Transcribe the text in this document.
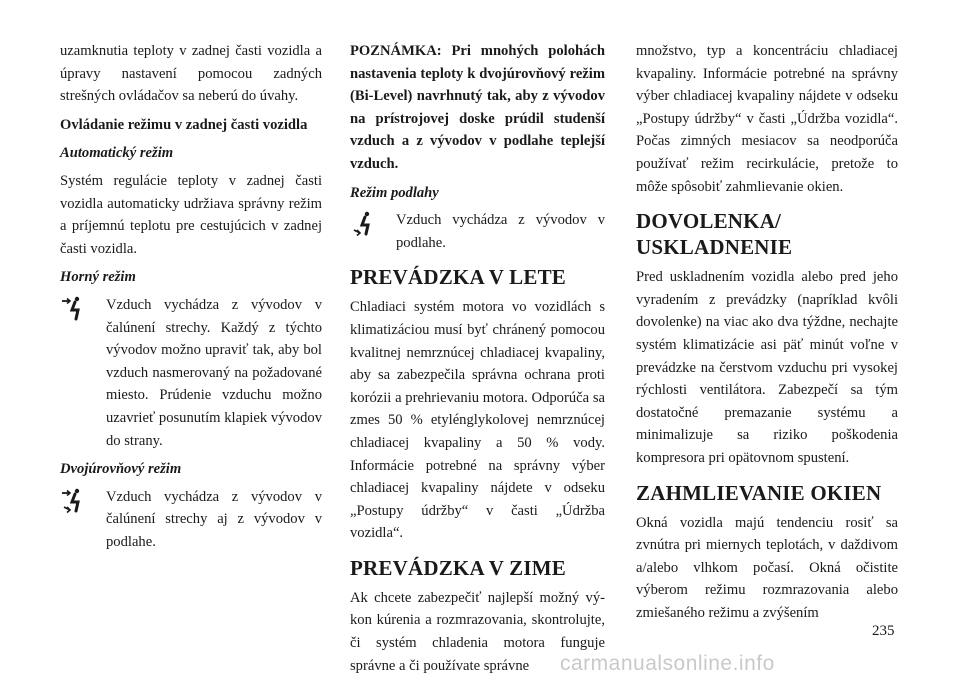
uzamknutia teploty v zadnej časti vozidla a úpravy nastavení pomocou zadných strešných ovládačov sa neberú do úvahy.

Ovládanie režimu v zadnej časti vozidla

Automatický režim

Systém regulácie teploty v zadnej časti vozidla automaticky udržiava správny režim a príjemnú teplotu pre cestujúcich v zadnej časti vozidla.

Horný režim

Vzduch vychádza z vývodov v čalúnení strechy. Každý z týchto vývodov možno upraviť tak, aby bol vzduch nasmerovaný na požadované miesto. Prúdenie vzduchu možno uzavrieť posunutím klapiek vývodov do strany.

Dvojúrovňový režim

Vzduch vychádza z vývodov v čalúnení strechy aj z vývodov v podlahe.

POZNÁMKA: Pri mnohých polohách nastavenia teploty k dvojúrovňový režim (Bi-Level) navrhnutý tak, aby z vývodov na prístrojovej doske prúdil studenší vzduch a z vývodov v podlahe teplejší vzduch.

Režim podlahy

Vzduch vychádza z vývodov v podlahe.
PREVÁDZKA V LETE

Chladiaci systém motora vo vozidlách s klimatizáciou musí byť chránený pomocou kvalitnej nemrznúcej chladiacej kvapaliny, aby sa zabezpečila správna ochrana proti korózii a prehrievaniu motora. Odporúča sa zmes 50 % etylénglykolovej nemrznúcej chladiacej kvapaliny a 50 % vody. Informácie potrebné na správny výber chladiacej kvapaliny nájdete v odseku „Postupy údržby“ v časti „Údržba vozidla“.

PREVÁDZKA V ZIME

Ak chcete zabezpečiť najlepší možný výkon kúrenia a rozmrazovania, skontrolujte, či systém chladenia motora funguje správne a či používate správne

množstvo, typ a koncentráciu chladiacej kvapaliny. Informácie potrebné na správny výber chladiacej kvapaliny nájdete v odseku „Postupy údržby“ v časti „Údržba vozidla“. Počas zimných mesiacov sa neodporúča používať režim recirkulácie, pretože to môže spôsobiť zahmlievanie okien.

DOVOLENKA/ USKLADNENIE

Pred uskladnením vozidla alebo pred jeho vyradením z prevádzky (napríklad kvôli dovolenke) na viac ako dva týždne, nechajte systém klimatizácie asi päť minút voľne v prevádzke na čerstvom vzduchu pri vysokej rýchlosti ventilátora. Zabezpečí sa tým dostatočné premazanie systému a minimalizuje sa riziko poškodenia kompresora pri opätovnom spustení.

ZAHMLIEVANIE OKIEN

Okná vozidla majú tendenciu rosiť sa zvnútra pri miernych teplotách, v daždivom a/alebo vlhkom počasí. Okná očistite výberom režimu rozmrazovania alebo zmiešaného režimu a zvýšením

235
carmanualsonline.info
